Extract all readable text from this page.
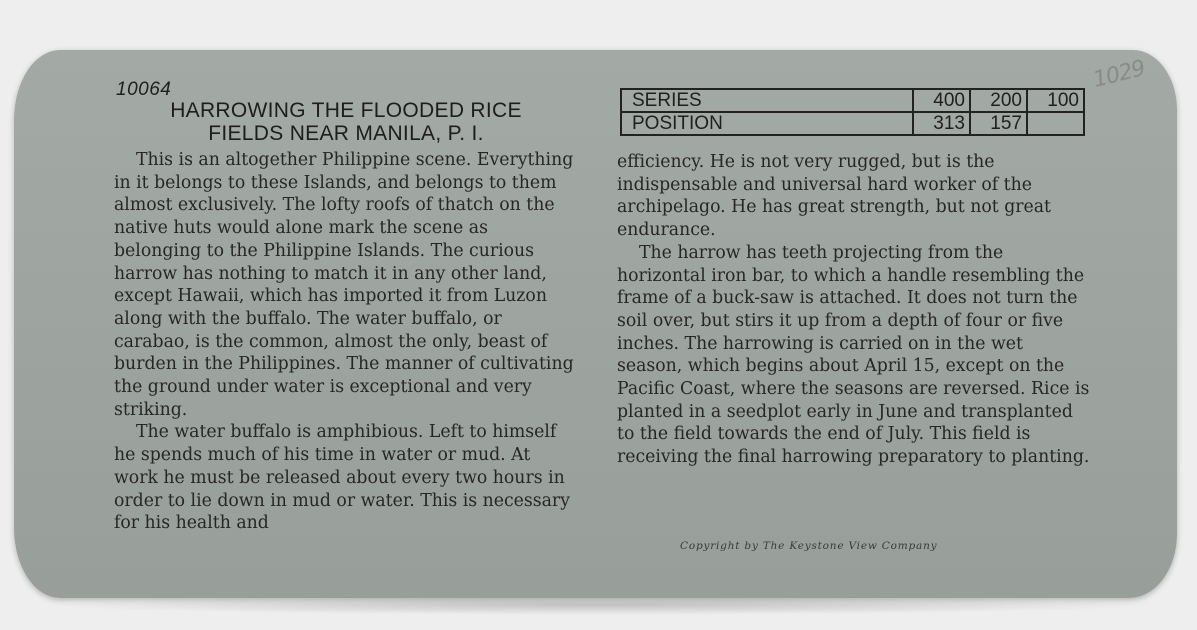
1029
10064
HARROWING THE FLOODED RICE
FIELDS NEAR MANILA, P. I.
SERIES	400	200	100
POSITION	313	157	

This is an altogether Philippine scene. Everything in it belongs to these Islands, and belongs to them almost exclusively. The lofty roofs of thatch on the native huts would alone mark the scene as belonging to the Philippine Islands. The curious harrow has nothing to match it in any other land, except Hawaii, which has imported it from Luzon along with the buffalo. The water buffalo, or carabao, is the common, almost the only, beast of burden in the Philippines. The manner of cultivating the ground under water is exceptional and very striking.

The water buffalo is amphibious. Left to himself he spends much of his time in water or mud. At work he must be released about every two hours in order to lie down in mud or water. This is necessary for his health and

efficiency. He is not very rugged, but is the indispensable and universal hard worker of the archipelago. He has great strength, but not great endurance.

The harrow has teeth projecting from the horizontal iron bar, to which a handle resembling the frame of a buck-saw is attached. It does not turn the soil over, but stirs it up from a depth of four or five inches. The harrowing is carried on in the wet season, which begins about April 15, except on the Pacific Coast, where the seasons are reversed. Rice is planted in a seedplot early in June and transplanted to the field towards the end of July. This field is receiving the final harrowing preparatory to planting.

Copyright by The Keystone View Company
